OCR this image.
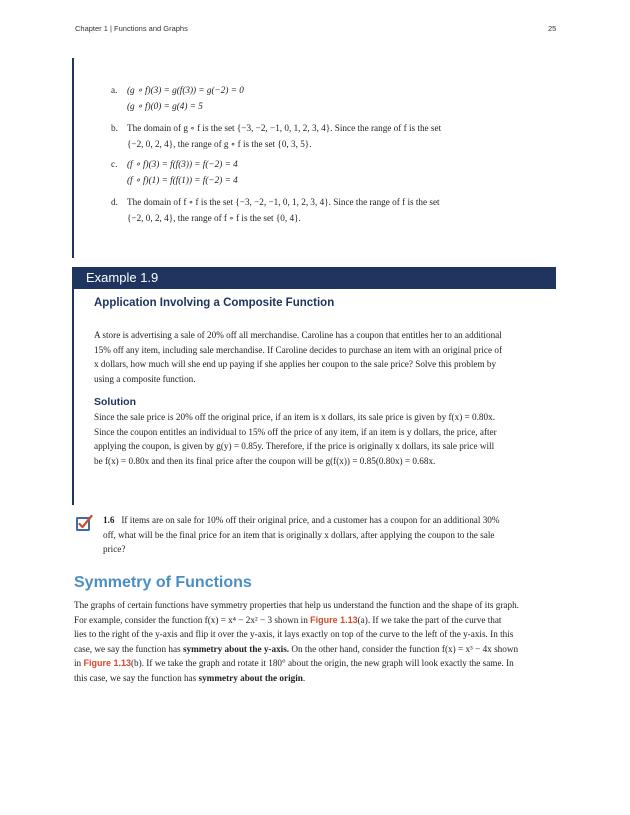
Chapter 1 | Functions and Graphs	25
a. (g ∘ f)(3) = g(f(3)) = g(−2) = 0
(g ∘ f)(0) = g(4) = 5
b. The domain of g ∘ f is the set {−3, −2, −1, 0, 1, 2, 3, 4}. Since the range of f is the set
{−2, 0, 2, 4}, the range of g ∘ f is the set {0, 3, 5}.
c. (f ∘ f)(3) = f(f(3)) = f(−2) = 4
(f ∘ f)(1) = f(f(1)) = f(−2) = 4
d. The domain of f ∘ f is the set {−3, −2, −1, 0, 1, 2, 3, 4}. Since the range of f is the set
{−2, 0, 2, 4}, the range of f ∘ f is the set {0, 4}.
Example 1.9
Application Involving a Composite Function
A store is advertising a sale of 20% off all merchandise. Caroline has a coupon that entitles her to an additional
15% off any item, including sale merchandise. If Caroline decides to purchase an item with an original price of
x dollars, how much will she end up paying if she applies her coupon to the sale price? Solve this problem by
using a composite function.
Solution
Since the sale price is 20% off the original price, if an item is x dollars, its sale price is given by f(x) = 0.80x.
Since the coupon entitles an individual to 15% off the price of any item, if an item is y dollars, the price, after
applying the coupon, is given by g(y) = 0.85y. Therefore, if the price is originally x dollars, its sale price will
be f(x) = 0.80x and then its final price after the coupon will be g(f(x)) = 0.85(0.80x) = 0.68x.
1.6 If items are on sale for 10% off their original price, and a customer has a coupon for an additional 30%
off, what will be the final price for an item that is originally x dollars, after applying the coupon to the sale
price?
Symmetry of Functions
The graphs of certain functions have symmetry properties that help us understand the function and the shape of its graph.
For example, consider the function f(x) = x⁴ − 2x² − 3 shown in Figure 1.13(a). If we take the part of the curve that
lies to the right of the y-axis and flip it over the y-axis, it lays exactly on top of the curve to the left of the y-axis. In this
case, we say the function has symmetry about the y-axis. On the other hand, consider the function f(x) = x³ − 4x shown
in Figure 1.13(b). If we take the graph and rotate it 180° about the origin, the new graph will look exactly the same. In
this case, we say the function has symmetry about the origin.
